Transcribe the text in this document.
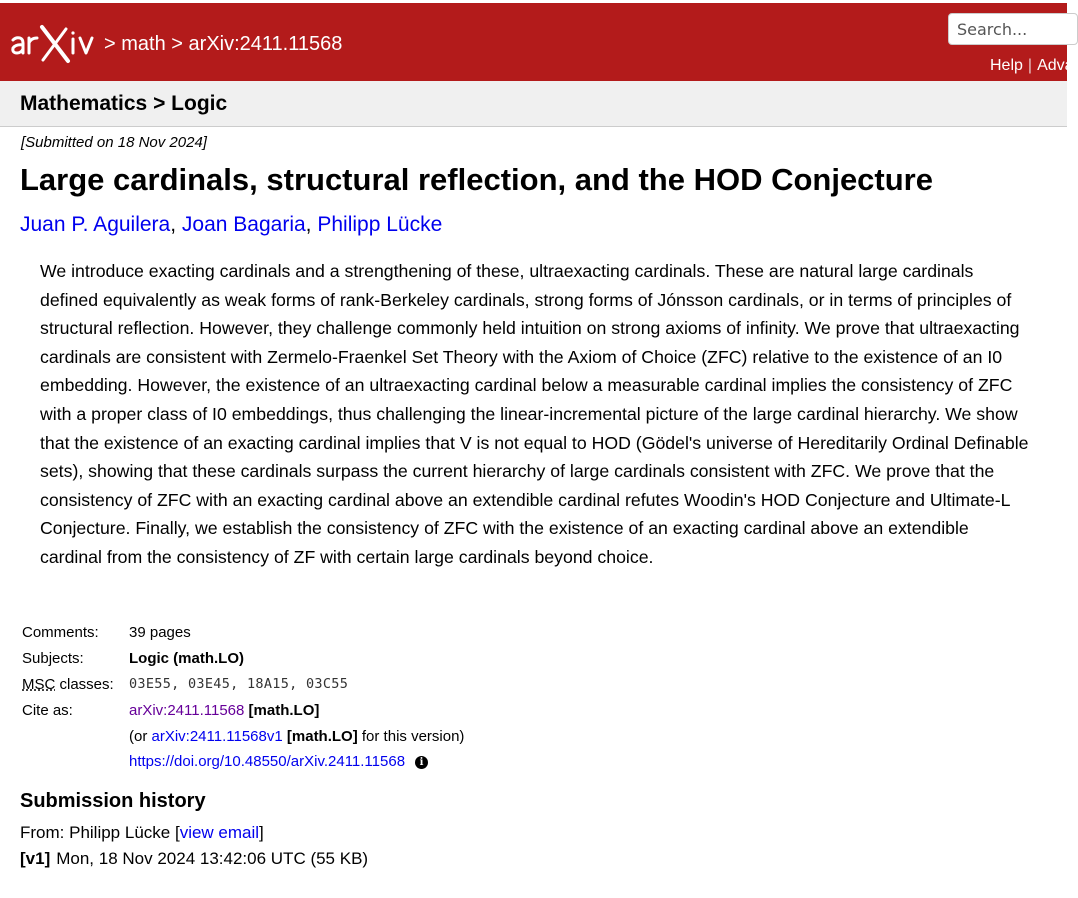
> math > arXiv:2411.11568
Search...
Help | Adva
Mathematics > Logic
[Submitted on 18 Nov 2024]
Large cardinals, structural reflection, and the HOD Conjecture
Juan P. Aguilera, Joan Bagaria, Philipp Lücke

We introduce exacting cardinals and a strengthening of these, ultraexacting cardinals. These are natural large cardinals defined equivalently as weak forms of rank-Berkeley cardinals, strong forms of Jónsson cardinals, or in terms of principles of structural reflection. However, they challenge commonly held intuition on strong axioms of infinity. We prove that ultraexacting cardinals are consistent with Zermelo-Fraenkel Set Theory with the Axiom of Choice (ZFC) relative to the existence of an I0 embedding. However, the existence of an ultraexacting cardinal below a measurable cardinal implies the consistency of ZFC with a proper class of I0 embeddings, thus challenging the linear-incremental picture of the large cardinal hierarchy. We show that the existence of an exacting cardinal implies that V is not equal to HOD (Gödel's universe of Hereditarily Ordinal Definable sets), showing that these cardinals surpass the current hierarchy of large cardinals consistent with ZFC. We prove that the consistency of ZFC with an exacting cardinal above an extendible cardinal refutes Woodin's HOD Conjecture and Ultimate-L Conjecture. Finally, we establish the consistency of ZFC with the existence of an exacting cardinal above an extendible cardinal from the consistency of ZF with certain large cardinals beyond choice.

Comments:	39 pages
Subjects:	Logic (math.LO)
MSC classes:	03E55, 03E45, 18A15, 03C55
Cite as:	arXiv:2411.11568 [math.LO]
	(or arXiv:2411.11568v1 [math.LO] for this version)
	https://doi.org/10.48550/arXiv.2411.11568 i
Submission history
From: Philipp Lücke [view email]
[v1] Mon, 18 Nov 2024 13:42:06 UTC (55 KB)
